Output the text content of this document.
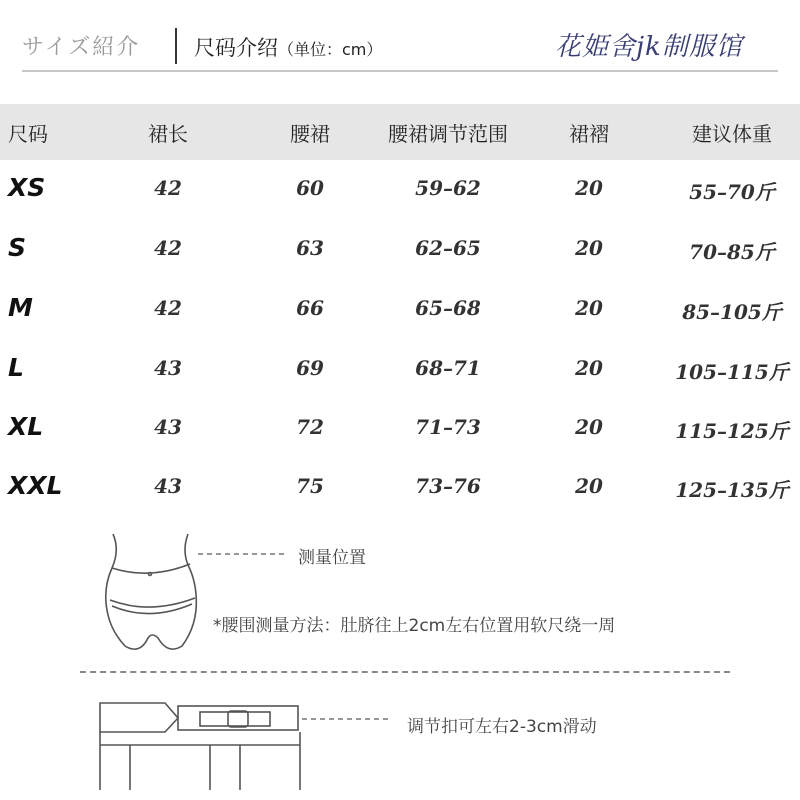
サイズ紹介	尺码介绍（单位：cm）	花姫舍jk制服馆
尺码	裙长	腰裙	腰裙调节范围	裙褶	建议体重
XS	42	60	59–62	20	55–70斤
S	42	63	62–65	20	70–85斤
M	42	66	65–68	20	85–105斤
L	43	69	68–71	20	105–115斤
XL	43	72	71–73	20	115–125斤
XXL	43	75	73–76	20	125–135斤
测量位置
*腰围测量方法：肚脐往上2cm左右位置用软尺绕一周
调节扣可左右2-3cm滑动
